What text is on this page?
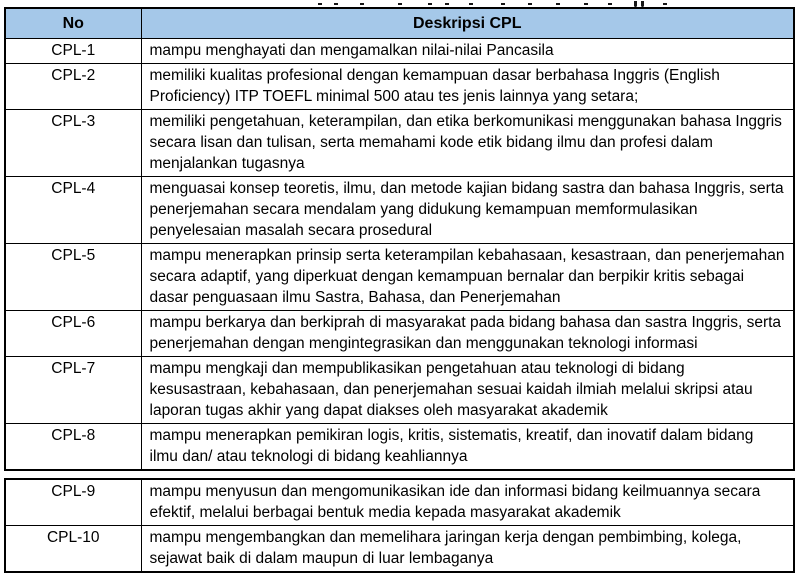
No	Deskripsi CPL
CPL-1	mampu menghayati dan mengamalkan nilai-nilai Pancasila
CPL-2	memiliki kualitas profesional dengan kemampuan dasar berbahasa Inggris (English Proficiency) ITP TOEFL minimal 500 atau tes jenis lainnya yang setara;
CPL-3	memiliki pengetahuan, keterampilan, dan etika berkomunikasi menggunakan bahasa Inggris secara lisan dan tulisan, serta memahami kode etik bidang ilmu dan profesi dalam menjalankan tugasnya
CPL-4	menguasai konsep teoretis, ilmu, dan metode kajian bidang sastra dan bahasa Inggris, serta penerjemahan secara mendalam yang didukung kemampuan memformulasikan penyelesaian masalah secara prosedural
CPL-5	mampu menerapkan prinsip serta keterampilan kebahasaan, kesastraan, dan penerjemahan secara adaptif, yang diperkuat dengan kemampuan bernalar dan berpikir kritis sebagai dasar penguasaan ilmu Sastra, Bahasa, dan Penerjemahan
CPL-6	mampu berkarya dan berkiprah di masyarakat pada bidang bahasa dan sastra Inggris, serta penerjemahan dengan mengintegrasikan dan menggunakan teknologi informasi
CPL-7	mampu mengkaji dan mempublikasikan pengetahuan atau teknologi di bidang kesusastraan, kebahasaan, dan penerjemahan sesuai kaidah ilmiah melalui skripsi atau laporan tugas akhir yang dapat diakses oleh masyarakat akademik
CPL-8	mampu menerapkan pemikiran logis, kritis, sistematis, kreatif, dan inovatif dalam bidang ilmu dan/ atau teknologi di bidang keahliannya
CPL-9	mampu menyusun dan mengomunikasikan ide dan informasi bidang keilmuannya secara efektif, melalui berbagai bentuk media kepada masyarakat akademik
CPL-10	mampu mengembangkan dan memelihara jaringan kerja dengan pembimbing, kolega, sejawat baik di dalam maupun di luar lembaganya
